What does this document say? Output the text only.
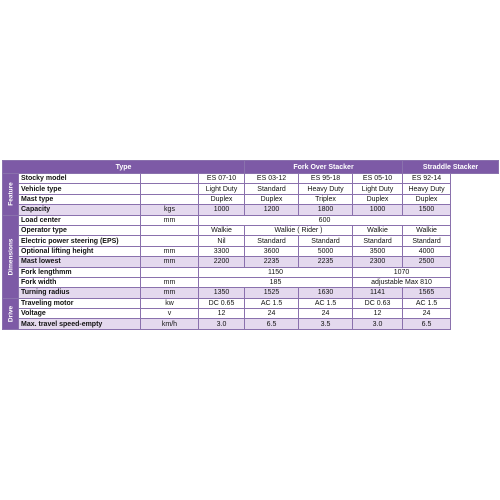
Type				Fork Over Stacker			Straddle Stacker

Feature	Stocky model		ES 07-10	ES 03-12	ES 95-18	ES 05-10	ES 92-14
	Vehicle type		Light Duty	Standard	Heavy Duty	Light Duty	Heavy Duty
	Mast type		Duplex	Duplex	Triplex	Duplex	Duplex
	Capacity	kgs	1000	1200	1800	1000	1500

Dimensions	Load center	mm	600				
	Operator type		Walkie	Walkie ( Rider )		Walkie	Walkie
	Electric power steering (EPS)		Nil	Standard	Standard	Standard	Standard
	Optional lifting height	mm	3300	3600	5000	3500	4000
	Mast lowest	mm	2200	2235	2235	2300	2500
	Fork lengthmm		1150			1070	
	Fork width	mm	185			adjustable Max 810	
	Turning radius	mm	1350	1525	1630	1141	1565

Drive	Traveling motor	kw	DC 0.65	AC 1.5	AC 1.5	DC 0.63	AC 1.5
	Voltage	v	12	24	24	12	24
	Max. travel speed-empty	km/h	3.0	6.5	3.5	3.0	6.5
